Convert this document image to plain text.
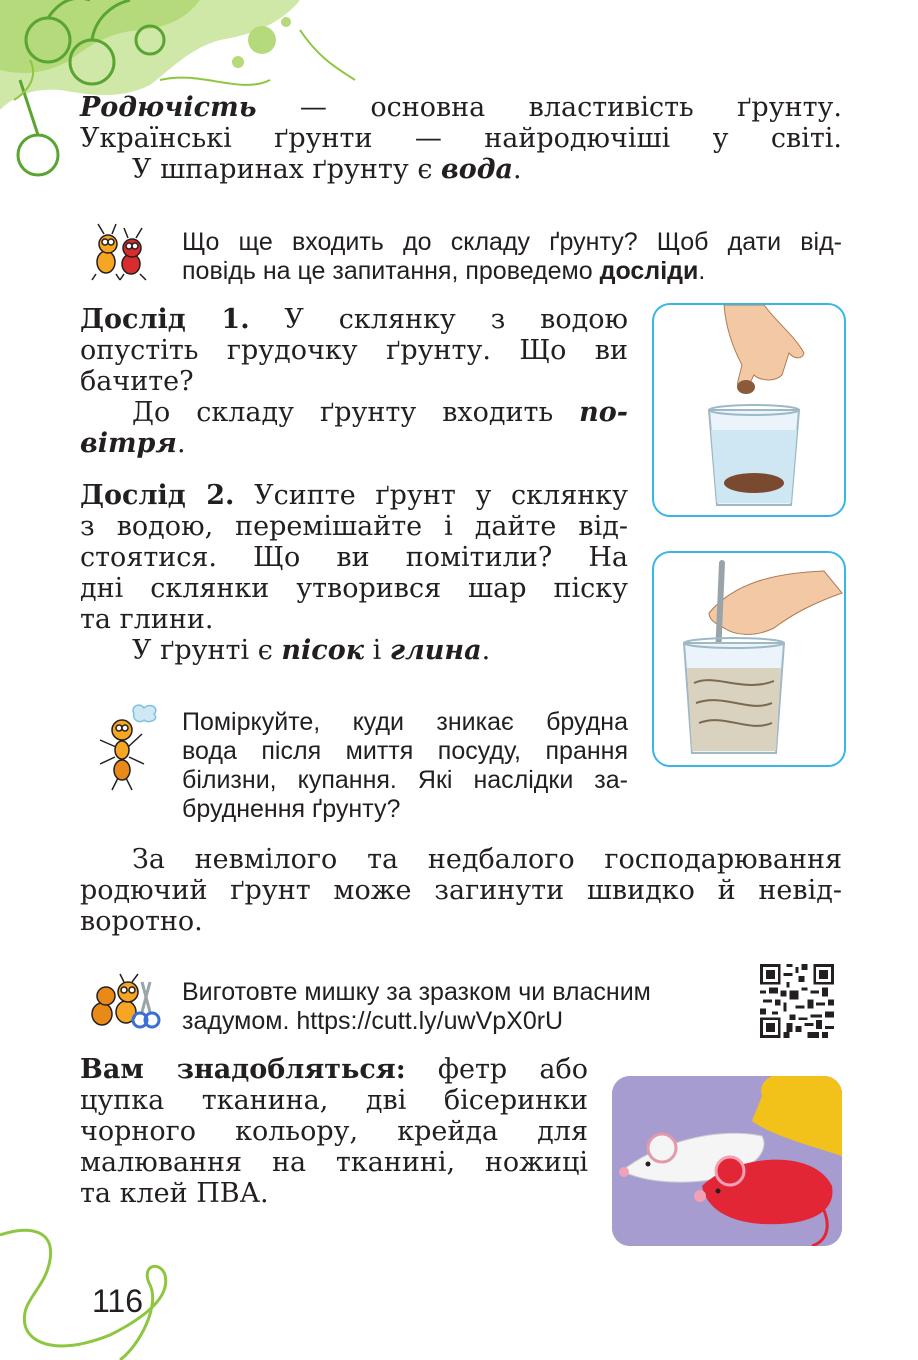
Родючість — основна властивість ґрунту.
Українські ґрунти — найродючіші у світі.
У шпаринах ґрунту є вода.
Що ще входить до складу ґрунту? Щоб дати від-
повідь на це запитання, проведемо досліди.
Дослід 1. У склянку з водою
опустіть грудочку ґрунту. Що ви
бачите?
До складу ґрунту входить по-
вітря.
Дослід 2. Усипте ґрунт у склянку
з водою, перемішайте і дайте від-
стоятися. Що ви помітили? На
дні склянки утворився шар піску
та глини.
У ґрунті є пісок і глина.
Поміркуйте, куди зникає брудна
вода після миття посуду, прання
білизни, купання. Які наслідки за-
бруднення ґрунту?
За невмілого та недбалого господарювання
родючий ґрунт може загинути швидко й невід-
воротно.
Виготовте мишку за зразком чи власним
задумом. https://cutt.ly/uwVpX0rU
Вам знадобляться: фетр або
цупка тканина, дві бісеринки
чорного кольору, крейда для
малювання на тканині, ножиці
та клей ПВА.
116
